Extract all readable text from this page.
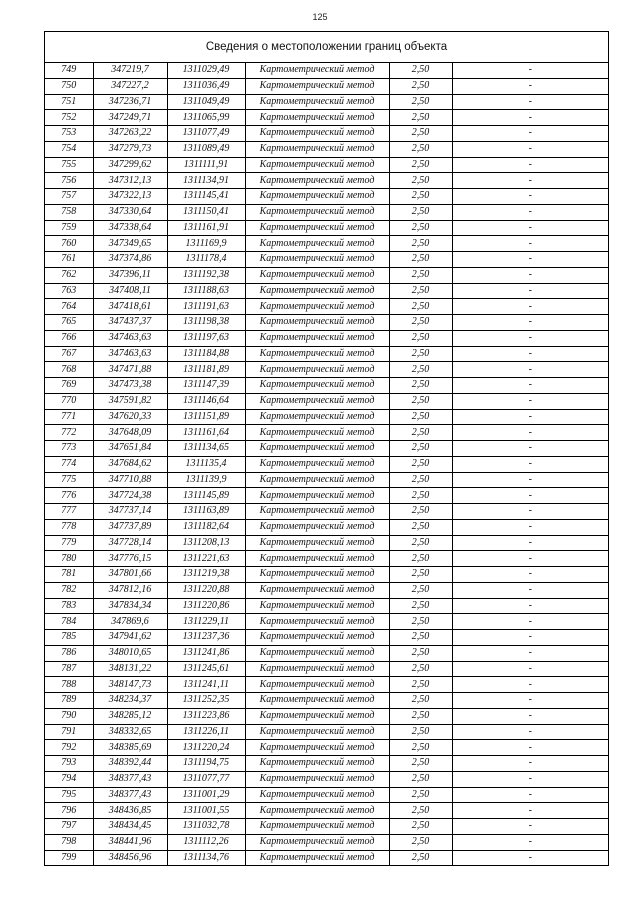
125
Сведения о местоположении границ объекта
749	347219,7	1311029,49	Картометрический метод	2,50	-
750	347227,2	1311036,49	Картометрический метод	2,50	-
751	347236,71	1311049,49	Картометрический метод	2,50	-
752	347249,71	1311065,99	Картометрический метод	2,50	-
753	347263,22	1311077,49	Картометрический метод	2,50	-
754	347279,73	1311089,49	Картометрический метод	2,50	-
755	347299,62	1311111,91	Картометрический метод	2,50	-
756	347312,13	1311134,91	Картометрический метод	2,50	-
757	347322,13	1311145,41	Картометрический метод	2,50	-
758	347330,64	1311150,41	Картометрический метод	2,50	-
759	347338,64	1311161,91	Картометрический метод	2,50	-
760	347349,65	1311169,9	Картометрический метод	2,50	-
761	347374,86	1311178,4	Картометрический метод	2,50	-
762	347396,11	1311192,38	Картометрический метод	2,50	-
763	347408,11	1311188,63	Картометрический метод	2,50	-
764	347418,61	1311191,63	Картометрический метод	2,50	-
765	347437,37	1311198,38	Картометрический метод	2,50	-
766	347463,63	1311197,63	Картометрический метод	2,50	-
767	347463,63	1311184,88	Картометрический метод	2,50	-
768	347471,88	1311181,89	Картометрический метод	2,50	-
769	347473,38	1311147,39	Картометрический метод	2,50	-
770	347591,82	1311146,64	Картометрический метод	2,50	-
771	347620,33	1311151,89	Картометрический метод	2,50	-
772	347648,09	1311161,64	Картометрический метод	2,50	-
773	347651,84	1311134,65	Картометрический метод	2,50	-
774	347684,62	1311135,4	Картометрический метод	2,50	-
775	347710,88	1311139,9	Картометрический метод	2,50	-
776	347724,38	1311145,89	Картометрический метод	2,50	-
777	347737,14	1311163,89	Картометрический метод	2,50	-
778	347737,89	1311182,64	Картометрический метод	2,50	-
779	347728,14	1311208,13	Картометрический метод	2,50	-
780	347776,15	1311221,63	Картометрический метод	2,50	-
781	347801,66	1311219,38	Картометрический метод	2,50	-
782	347812,16	1311220,88	Картометрический метод	2,50	-
783	347834,34	1311220,86	Картометрический метод	2,50	-
784	347869,6	1311229,11	Картометрический метод	2,50	-
785	347941,62	1311237,36	Картометрический метод	2,50	-
786	348010,65	1311241,86	Картометрический метод	2,50	-
787	348131,22	1311245,61	Картометрический метод	2,50	-
788	348147,73	1311241,11	Картометрический метод	2,50	-
789	348234,37	1311252,35	Картометрический метод	2,50	-
790	348285,12	1311223,86	Картометрический метод	2,50	-
791	348332,65	1311226,11	Картометрический метод	2,50	-
792	348385,69	1311220,24	Картометрический метод	2,50	-
793	348392,44	1311194,75	Картометрический метод	2,50	-
794	348377,43	1311077,77	Картометрический метод	2,50	-
795	348377,43	1311001,29	Картометрический метод	2,50	-
796	348436,85	1311001,55	Картометрический метод	2,50	-
797	348434,45	1311032,78	Картометрический метод	2,50	-
798	348441,96	1311112,26	Картометрический метод	2,50	-
799	348456,96	1311134,76	Картометрический метод	2,50	-
